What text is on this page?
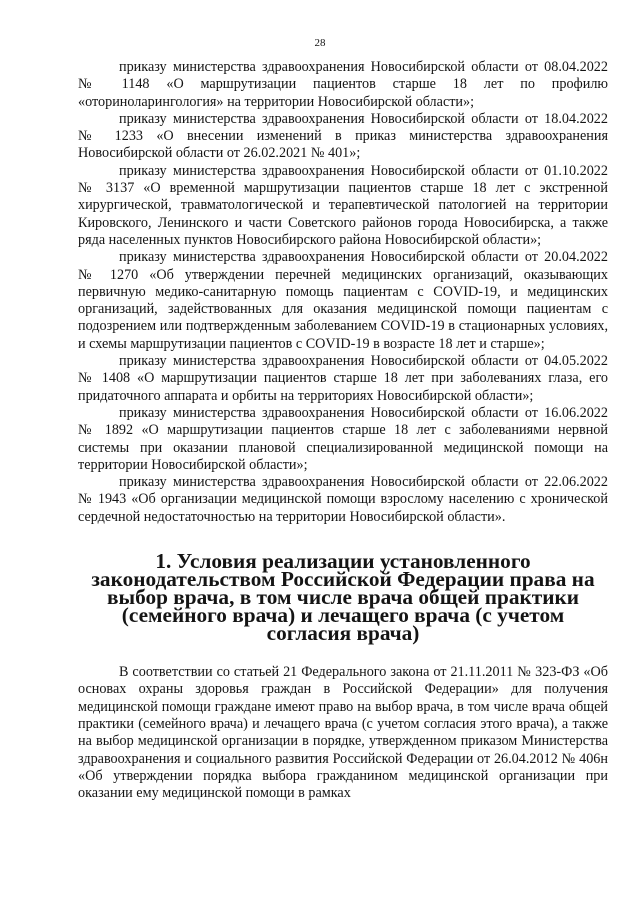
28

приказу министерства здравоохранения Новосибирской области от 08.04.2022 № 1148 «О маршрутизации пациентов старше 18 лет по профилю «оториноларингология» на территории Новосибирской области»;

приказу министерства здравоохранения Новосибирской области от 18.04.2022 № 1233 «О внесении изменений в приказ министерства здравоохранения Новосибирской области от 26.02.2021 № 401»;

приказу министерства здравоохранения Новосибирской области от 01.10.2022 № 3137 «О временной маршрутизации пациентов старше 18 лет с экстренной хирургической, травматологической и терапевтической патологией на территории Кировского, Ленинского и части Советского районов города Новосибирска, а также ряда населенных пунктов Новосибирского района Новосибирской области»;

приказу министерства здравоохранения Новосибирской области от 20.04.2022 № 1270 «Об утверждении перечней медицинских организаций, оказывающих первичную медико-санитарную помощь пациентам с COVID-19, и медицинских организаций, задействованных для оказания медицинской помощи пациентам с подозрением или подтвержденным заболеванием COVID-19 в стационарных условиях, и схемы маршрутизации пациентов с COVID-19 в возрасте 18 лет и старше»;

приказу министерства здравоохранения Новосибирской области от 04.05.2022 № 1408 «О маршрутизации пациентов старше 18 лет при заболеваниях глаза, его придаточного аппарата и орбиты на территориях Новосибирской области»;

приказу министерства здравоохранения Новосибирской области от 16.06.2022 № 1892 «О маршрутизации пациентов старше 18 лет с заболеваниями нервной системы при оказании плановой специализированной медицинской помощи на территории Новосибирской области»;

приказу министерства здравоохранения Новосибирской области от 22.06.2022 № 1943 «Об организации медицинской помощи взрослому населению с хронической сердечной недостаточностью на территории Новосибирской области».

1. Условия реализации установленного законодательством Российской Федерации права на выбор врача, в том числе врача общей практики (семейного врача) и лечащего врача (с учетом согласия врача)

В соответствии со статьей 21 Федерального закона от 21.11.2011 № 323-ФЗ «Об основах охраны здоровья граждан в Российской Федерации» для получения медицинской помощи граждане имеют право на выбор врача, в том числе врача общей практики (семейного врача) и лечащего врача (с учетом согласия этого врача), а также на выбор медицинской организации в порядке, утвержденном приказом Министерства здравоохранения и социального развития Российской Федерации от 26.04.2012 № 406н «Об утверждении порядка выбора гражданином медицинской организации при оказании ему медицинской помощи в рамках
